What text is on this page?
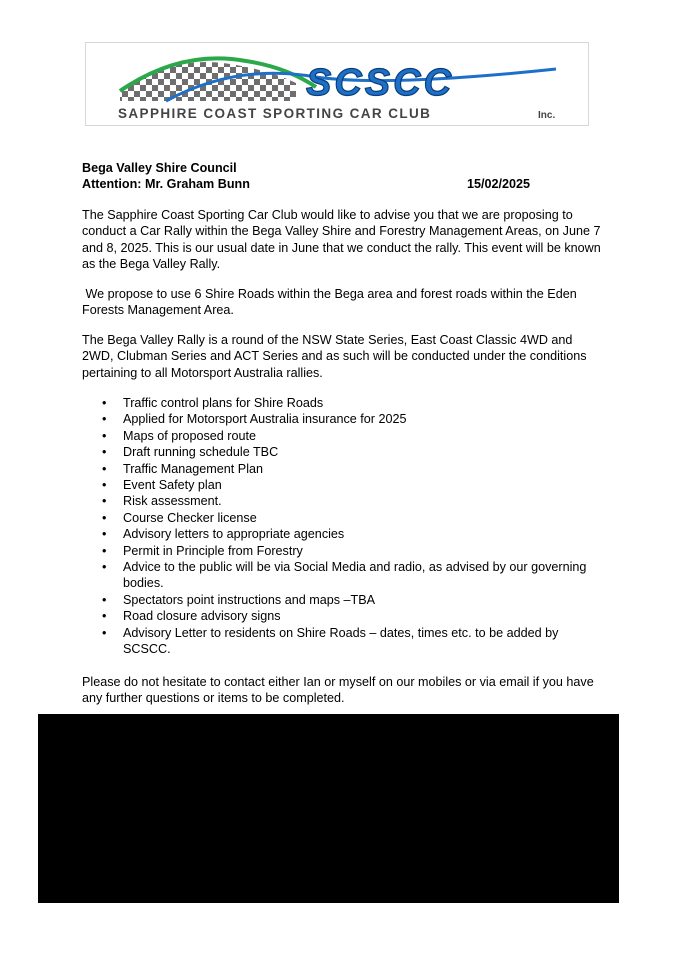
SCSCC
SAPPHIRE COAST SPORTING CAR CLUB	Inc.
Bega Valley Shire Council
Attention: Mr. Graham Bunn	15/02/2025

The Sapphire Coast Sporting Car Club would like to advise you that we are proposing to conduct a Car Rally within the Bega Valley Shire and Forestry Management Areas, on June 7 and 8, 2025. This is our usual date in June that we conduct the rally. This event will be known as the Bega Valley Rally.

We propose to use 6 Shire Roads within the Bega area and forest roads within the Eden Forests Management Area.

The Bega Valley Rally is a round of the NSW State Series, East Coast Classic 4WD and 2WD, Clubman Series and ACT Series and as such will be conducted under the conditions pertaining to all Motorsport Australia rallies.

• Traffic control plans for Shire Roads
• Applied for Motorsport Australia insurance for 2025
• Maps of proposed route
• Draft running schedule TBC
• Traffic Management Plan
• Event Safety plan
• Risk assessment.
• Course Checker license
• Advisory letters to appropriate agencies
• Permit in Principle from Forestry
• Advice to the public will be via Social Media and radio, as advised by our governing bodies.
• Spectators point instructions and maps –TBA
• Road closure advisory signs
• Advisory Letter to residents on Shire Roads – dates, times etc. to be added by SCSCC.

Please do not hesitate to contact either Ian or myself on our mobiles or via email if you have any further questions or items to be completed.
